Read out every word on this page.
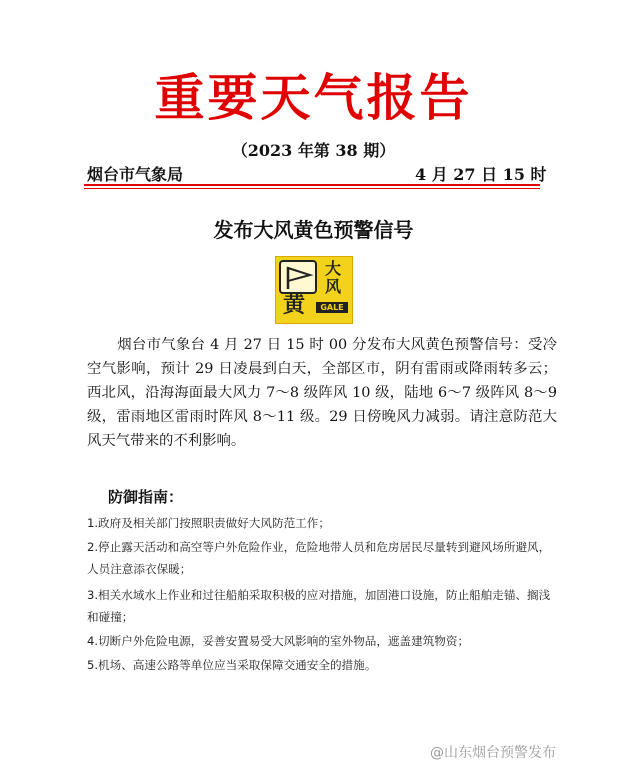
重要天气报告
（2023 年第 38 期）
烟台市气象局	4 月 27 日 15 时
发布大风黄色预警信号
黄
大
风
GALE
烟台市气象台 4 月 27 日 15 时 00 分发布大风黄色预警信号：受冷空气影响，预计 29 日凌晨到白天，全部区市，阴有雷雨或降雨转多云；西北风，沿海海面最大风力 7～8 级阵风 10 级，陆地 6～7 级阵风 8～9 级，雷雨地区雷雨时阵风 8～11 级。29 日傍晚风力减弱。请注意防范大风天气带来的不利影响。
防御指南：
1.政府及相关部门按照职责做好大风防范工作；
2.停止露天活动和高空等户外危险作业，危险地带人员和危房居民尽量转到避风场所避风，人员注意添衣保暖；
3.相关水域水上作业和过往船舶采取积极的应对措施，加固港口设施，防止船舶走锚、搁浅和碰撞；
4.切断户外危险电源，妥善安置易受大风影响的室外物品，遮盖建筑物资；
5.机场、高速公路等单位应当采取保障交通安全的措施。
@山东烟台预警发布
